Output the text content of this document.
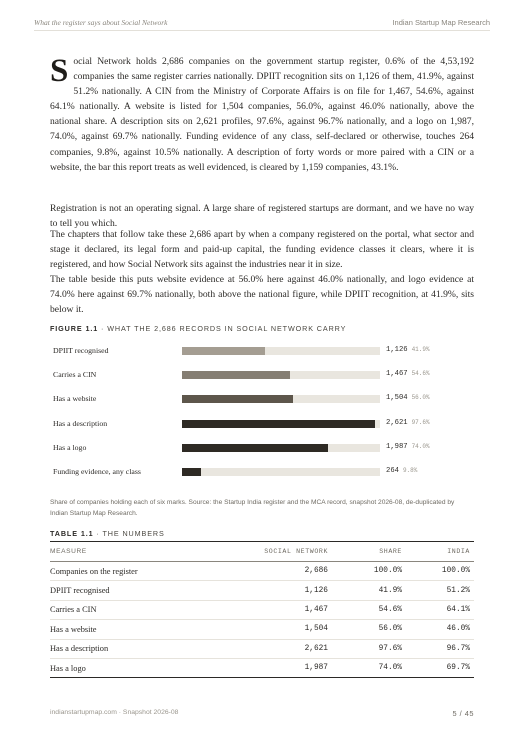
What the register says about Social Network	Indian Startup Map Research
S ocial Network holds 2,686 companies on the government startup register, 0.6% of the 4,53,192 companies the same register carries nationally. DPIIT recognition sits on 1,126 of them, 41.9%, against 51.2% nationally. A CIN from the Ministry of Corporate Affairs is on file for 1,467, 54.6%, against 64.1% nationally. A website is listed for 1,504 companies, 56.0%, against 46.0% nationally, above the national share. A description sits on 2,621 profiles, 97.6%, against 96.7% nationally, and a logo on 1,987, 74.0%, against 69.7% nationally. Funding evidence of any class, self-declared or otherwise, touches 264 companies, 9.8%, against 10.5% nationally. A description of forty words or more paired with a CIN or a website, the bar this report treats as well evidenced, is cleared by 1,159 companies, 43.1%.

Registration is not an operating signal. A large share of registered startups are dormant, and we have no way to tell you which.

The chapters that follow take these 2,686 apart by when a company registered on the portal, what sector and stage it declared, its legal form and paid-up capital, the funding evidence classes it clears, where it is registered, and how Social Network sits against the industries near it in size.

The table beside this puts website evidence at 56.0% here against 46.0% nationally, and logo evidence at 74.0% here against 69.7% nationally, both above the national figure, while DPIIT recognition, at 41.9%, sits below it.

FIGURE 1.1 · WHAT THE 2,686 RECORDS IN SOCIAL NETWORK CARRY
DPIIT recognised	1,126 41.9%
Carries a CIN	1,467 54.6%
Has a website	1,504 56.0%
Has a description	2,621 97.6%
Has a logo	1,987 74.0%
Funding evidence, any class	264 9.8%

Share of companies holding each of six marks. Source: the Startup India register and the MCA record, snapshot 2026-08, de-duplicated by Indian Startup Map Research.

TABLE 1.1 · THE NUMBERS
MEASURE	SOCIAL NETWORK	SHARE	INDIA
Companies on the register	2,686	100.0%	100.0%
DPIIT recognised	1,126	41.9%	51.2%
Carries a CIN	1,467	54.6%	64.1%
Has a website	1,504	56.0%	46.0%
Has a description	2,621	97.6%	96.7%
Has a logo	1,987	74.0%	69.7%
indianstartupmap.com · Snapshot 2026-08	5 / 45
